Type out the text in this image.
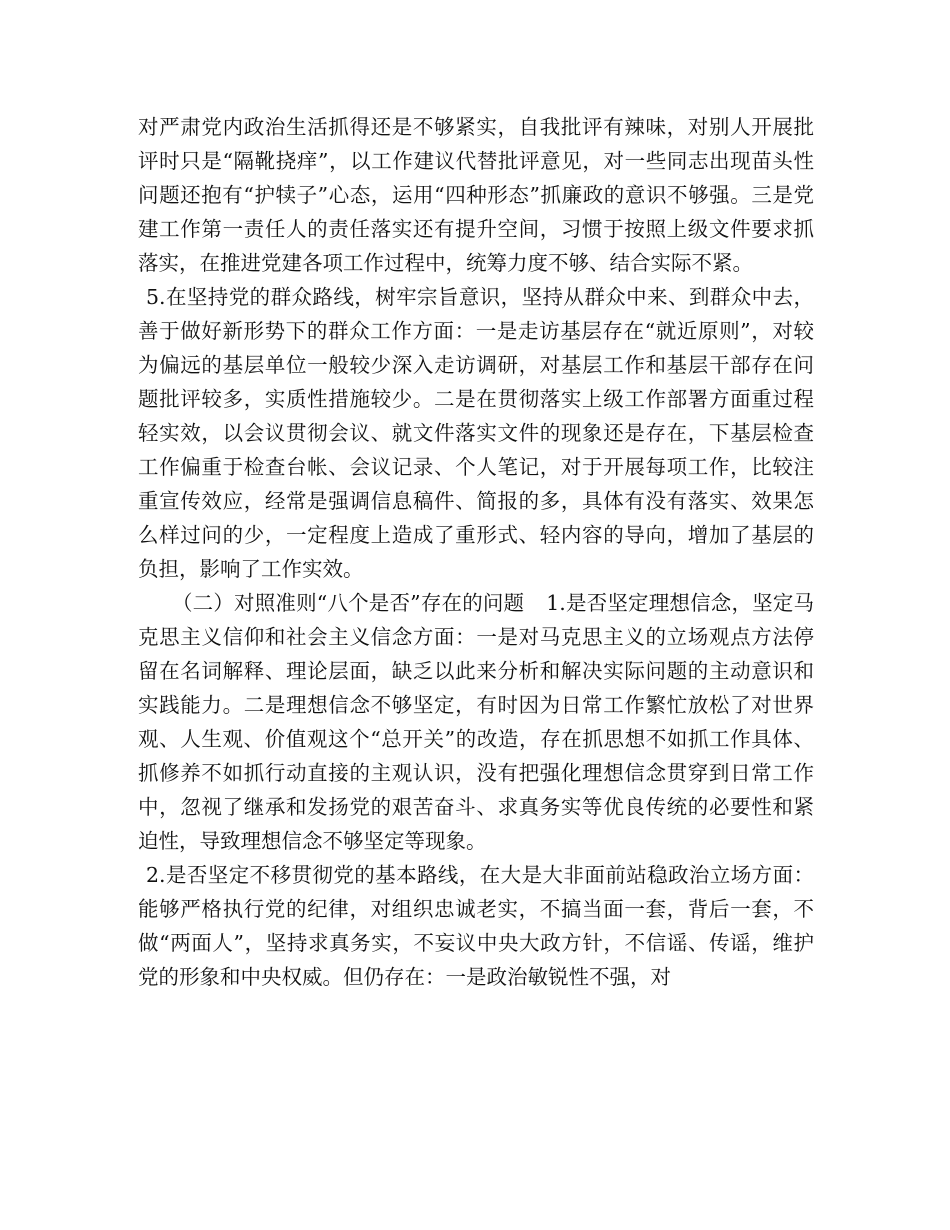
对严肃党内政治生活抓得还是不够紧实，自我批评有辣味，对别人开展批评时只是“隔靴挠痒”，以工作建议代替批评意见，对一些同志出现苗头性问题还抱有“护犊子”心态，运用“四种形态”抓廉政的意识不够强。三是党建工作第一责任人的责任落实还有提升空间，习惯于按照上级文件要求抓落实，在推进党建各项工作过程中，统筹力度不够、结合实际不紧。

5.在坚持党的群众路线，树牢宗旨意识，坚持从群众中来、到群众中去，善于做好新形势下的群众工作方面：一是走访基层存在“就近原则”，对较为偏远的基层单位一般较少深入走访调研，对基层工作和基层干部存在问题批评较多，实质性措施较少。二是在贯彻落实上级工作部署方面重过程轻实效，以会议贯彻会议、就文件落实文件的现象还是存在，下基层检查工作偏重于检查台帐、会议记录、个人笔记，对于开展每项工作，比较注重宣传效应，经常是强调信息稿件、简报的多，具体有没有落实、效果怎么样过问的少，一定程度上造成了重形式、轻内容的导向，增加了基层的负担，影响了工作实效。

（二）对照准则“八个是否”存在的问题 1.是否坚定理想信念，坚定马克思主义信仰和社会主义信念方面：一是对马克思主义的立场观点方法停留在名词解释、理论层面，缺乏以此来分析和解决实际问题的主动意识和实践能力。二是理想信念不够坚定，有时因为日常工作繁忙放松了对世界观、人生观、价值观这个“总开关”的改造，存在抓思想不如抓工作具体、抓修养不如抓行动直接的主观认识，没有把强化理想信念贯穿到日常工作中，忽视了继承和发扬党的艰苦奋斗、求真务实等优良传统的必要性和紧迫性，导致理想信念不够坚定等现象。

2.是否坚定不移贯彻党的基本路线，在大是大非面前站稳政治立场方面：能够严格执行党的纪律，对组织忠诚老实，不搞当面一套，背后一套，不做“两面人”，坚持求真务实，不妄议中央大政方针，不信谣、传谣，维护党的形象和中央权威。但仍存在：一是政治敏锐性不强，对
